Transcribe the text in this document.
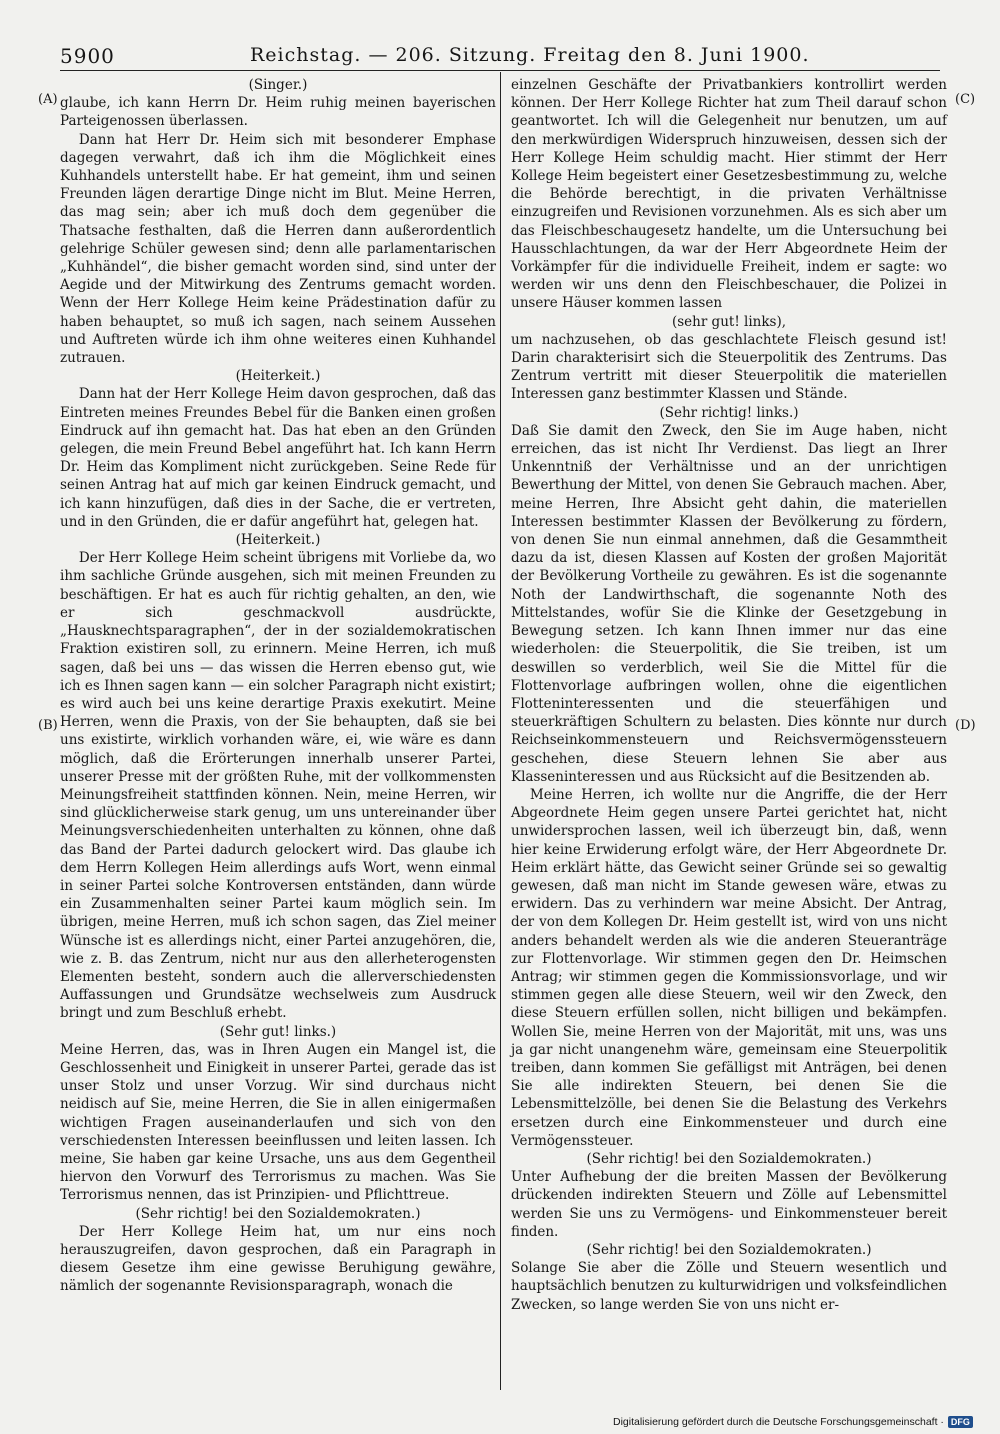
5900	Reichstag. — 206. Sitzung. Freitag den 8. Juni 1900.
(A)
(B)
(C)
(D)

(Singer.)

glaube, ich kann Herrn Dr. Heim ruhig meinen bayerischen Parteigenossen überlassen.

Dann hat Herr Dr. Heim sich mit besonderer Emphase dagegen verwahrt, daß ich ihm die Möglichkeit eines Kuhhandels unterstellt habe. Er hat gemeint, ihm und seinen Freunden lägen derartige Dinge nicht im Blut. Meine Herren, das mag sein; aber ich muß doch dem gegenüber die Thatsache festhalten, daß die Herren dann außerordentlich gelehrige Schüler gewesen sind; denn alle parlamentarischen „Kuhhändel“, die bisher gemacht worden sind, sind unter der Aegide und der Mitwirkung des Zentrums gemacht worden. Wenn der Herr Kollege Heim keine Prädestination dafür zu haben behauptet, so muß ich sagen, nach seinem Aussehen und Auftreten würde ich ihm ohne weiteres einen Kuhhandel zutrauen.

(Heiterkeit.)

Dann hat der Herr Kollege Heim davon gesprochen, daß das Eintreten meines Freundes Bebel für die Banken einen großen Eindruck auf ihn gemacht hat. Das hat eben an den Gründen gelegen, die mein Freund Bebel angeführt hat. Ich kann Herrn Dr. Heim das Kompliment nicht zurückgeben. Seine Rede für seinen Antrag hat auf mich gar keinen Eindruck gemacht, und ich kann hinzufügen, daß dies in der Sache, die er vertreten, und in den Gründen, die er dafür angeführt hat, gelegen hat.

(Heiterkeit.)

Der Herr Kollege Heim scheint übrigens mit Vorliebe da, wo ihm sachliche Gründe ausgehen, sich mit meinen Freunden zu beschäftigen. Er hat es auch für richtig gehalten, an den, wie er sich geschmackvoll ausdrückte, „Hausknechtsparagraphen“, der in der sozialdemokratischen Fraktion existiren soll, zu erinnern. Meine Herren, ich muß sagen, daß bei uns — das wissen die Herren ebenso gut, wie ich es Ihnen sagen kann — ein solcher Paragraph nicht existirt; es wird auch bei uns keine derartige Praxis exekutirt. Meine Herren, wenn die Praxis, von der Sie behaupten, daß sie bei uns existirte, wirklich vorhanden wäre, ei, wie wäre es dann möglich, daß die Erörterungen innerhalb unserer Partei, unserer Presse mit der größten Ruhe, mit der vollkommensten Meinungsfreiheit stattfinden können. Nein, meine Herren, wir sind glücklicherweise stark genug, um uns untereinander über Meinungsverschiedenheiten unterhalten zu können, ohne daß das Band der Partei dadurch gelockert wird. Das glaube ich dem Herrn Kollegen Heim allerdings aufs Wort, wenn einmal in seiner Partei solche Kontroversen entständen, dann würde ein Zusammenhalten seiner Partei kaum möglich sein. Im übrigen, meine Herren, muß ich schon sagen, das Ziel meiner Wünsche ist es allerdings nicht, einer Partei anzugehören, die, wie z. B. das Zentrum, nicht nur aus den allerheterogensten Elementen besteht, sondern auch die allerverschiedensten Auffassungen und Grundsätze wechselweis zum Ausdruck bringt und zum Beschluß erhebt.

(Sehr gut! links.)

Meine Herren, das, was in Ihren Augen ein Mangel ist, die Geschlossenheit und Einigkeit in unserer Partei, gerade das ist unser Stolz und unser Vorzug. Wir sind durchaus nicht neidisch auf Sie, meine Herren, die Sie in allen einigermaßen wichtigen Fragen auseinanderlaufen und sich von den verschiedensten Interessen beeinflussen und leiten lassen. Ich meine, Sie haben gar keine Ursache, uns aus dem Gegentheil hiervon den Vorwurf des Terrorismus zu machen. Was Sie Terrorismus nennen, das ist Prinzipien- und Pflichttreue.

(Sehr richtig! bei den Sozialdemokraten.)

Der Herr Kollege Heim hat, um nur eins noch herauszugreifen, davon gesprochen, daß ein Paragraph in diesem Gesetze ihm eine gewisse Beruhigung gewähre, nämlich der sogenannte Revisionsparagraph, wonach die

einzelnen Geschäfte der Privatbankiers kontrollirt werden können. Der Herr Kollege Richter hat zum Theil darauf schon geantwortet. Ich will die Gelegenheit nur benutzen, um auf den merkwürdigen Widerspruch hinzuweisen, dessen sich der Herr Kollege Heim schuldig macht. Hier stimmt der Herr Kollege Heim begeistert einer Gesetzesbestimmung zu, welche die Behörde berechtigt, in die privaten Verhältnisse einzugreifen und Revisionen vorzunehmen. Als es sich aber um das Fleischbeschaugesetz handelte, um die Untersuchung bei Hausschlachtungen, da war der Herr Abgeordnete Heim der Vorkämpfer für die individuelle Freiheit, indem er sagte: wo werden wir uns denn den Fleischbeschauer, die Polizei in unsere Häuser kommen lassen

(sehr gut! links),

um nachzusehen, ob das geschlachtete Fleisch gesund ist! Darin charakterisirt sich die Steuerpolitik des Zentrums. Das Zentrum vertritt mit dieser Steuerpolitik die materiellen Interessen ganz bestimmter Klassen und Stände.

(Sehr richtig! links.)

Daß Sie damit den Zweck, den Sie im Auge haben, nicht erreichen, das ist nicht Ihr Verdienst. Das liegt an Ihrer Unkenntniß der Verhältnisse und an der unrichtigen Bewerthung der Mittel, von denen Sie Gebrauch machen. Aber, meine Herren, Ihre Absicht geht dahin, die materiellen Interessen bestimmter Klassen der Bevölkerung zu fördern, von denen Sie nun einmal annehmen, daß die Gesammtheit dazu da ist, diesen Klassen auf Kosten der großen Majorität der Bevölkerung Vortheile zu gewähren. Es ist die sogenannte Noth der Landwirthschaft, die sogenannte Noth des Mittelstandes, wofür Sie die Klinke der Gesetzgebung in Bewegung setzen. Ich kann Ihnen immer nur das eine wiederholen: die Steuerpolitik, die Sie treiben, ist um deswillen so verderblich, weil Sie die Mittel für die Flottenvorlage aufbringen wollen, ohne die eigentlichen Flotteninteressenten und die steuerfähigen und steuerkräftigen Schultern zu belasten. Dies könnte nur durch Reichseinkommensteuern und Reichsvermögenssteuern geschehen, diese Steuern lehnen Sie aber aus Klasseninteressen und aus Rücksicht auf die Besitzenden ab.

Meine Herren, ich wollte nur die Angriffe, die der Herr Abgeordnete Heim gegen unsere Partei gerichtet hat, nicht unwidersprochen lassen, weil ich überzeugt bin, daß, wenn hier keine Erwiderung erfolgt wäre, der Herr Abgeordnete Dr. Heim erklärt hätte, das Gewicht seiner Gründe sei so gewaltig gewesen, daß man nicht im Stande gewesen wäre, etwas zu erwidern. Das zu verhindern war meine Absicht. Der Antrag, der von dem Kollegen Dr. Heim gestellt ist, wird von uns nicht anders behandelt werden als wie die anderen Steueranträge zur Flottenvorlage. Wir stimmen gegen den Dr. Heimschen Antrag; wir stimmen gegen die Kommissionsvorlage, und wir stimmen gegen alle diese Steuern, weil wir den Zweck, den diese Steuern erfüllen sollen, nicht billigen und bekämpfen. Wollen Sie, meine Herren von der Majorität, mit uns, was uns ja gar nicht unangenehm wäre, gemeinsam eine Steuerpolitik treiben, dann kommen Sie gefälligst mit Anträgen, bei denen Sie alle indirekten Steuern, bei denen Sie die Lebensmittelzölle, bei denen Sie die Belastung des Verkehrs ersetzen durch eine Einkommensteuer und durch eine Vermögenssteuer.

(Sehr richtig! bei den Sozialdemokraten.)

Unter Aufhebung der die breiten Massen der Bevölkerung drückenden indirekten Steuern und Zölle auf Lebensmittel werden Sie uns zu Vermögens- und Einkommensteuer bereit finden.

(Sehr richtig! bei den Sozialdemokraten.)

Solange Sie aber die Zölle und Steuern wesentlich und hauptsächlich benutzen zu kulturwidrigen und volksfeindlichen Zwecken, so lange werden Sie von uns nicht er-

Digitalisierung gefördert durch die Deutsche Forschungsgemeinschaft · DFG
